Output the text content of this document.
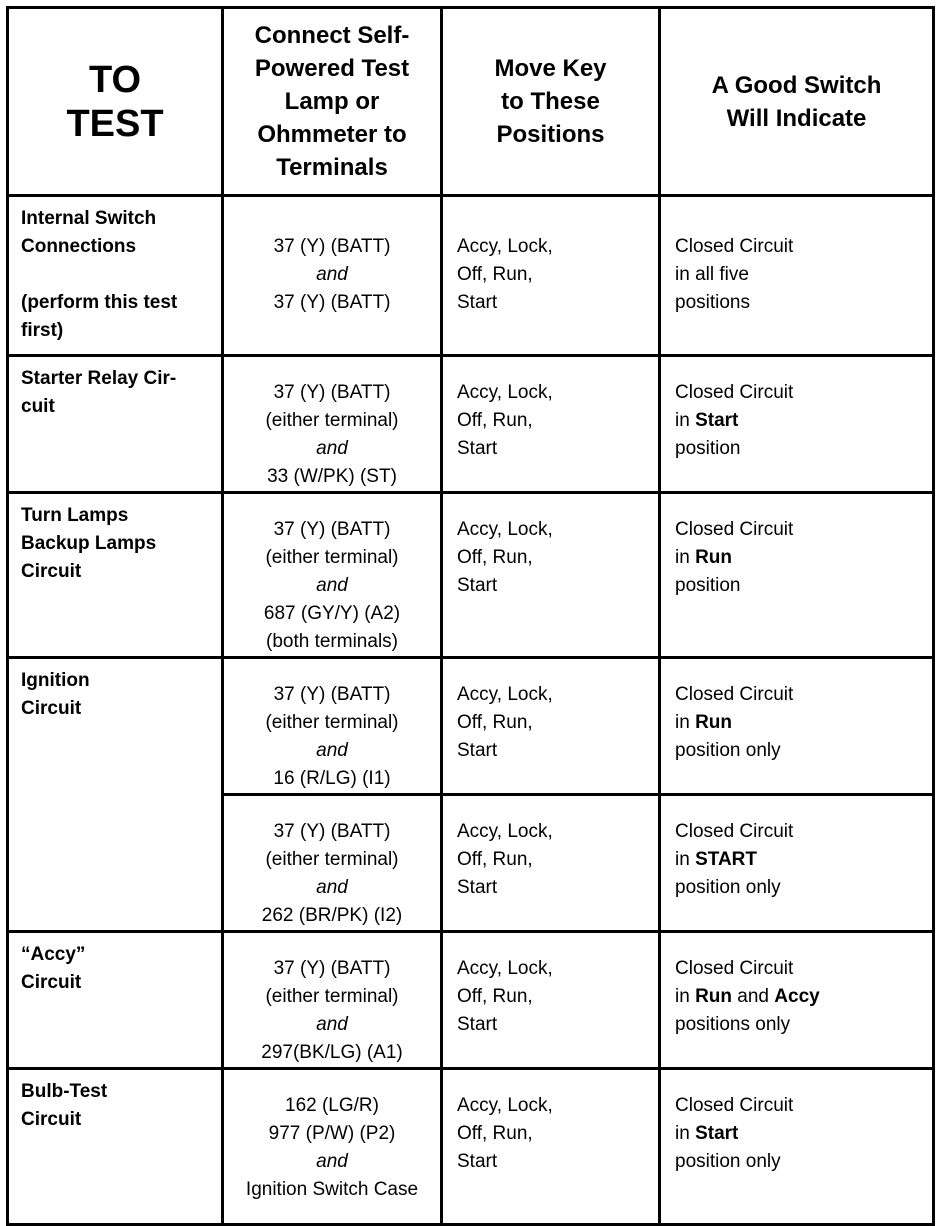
TO
TEST	Connect Self-
Powered Test
Lamp or
Ohmmeter to
Terminals	Move Key
to These
Positions	A Good Switch
Will Indicate

Internal Switch
Connections
(perform this test
first)	37 (Y) (BATT)
and
37 (Y) (BATT)	Accy, Lock,
Off, Run,
Start	Closed Circuit
in all five
positions

Starter Relay Cir-
cuit	37 (Y) (BATT)
(either terminal)
and
33 (W/PK) (ST)	Accy, Lock,
Off, Run,
Start	Closed Circuit
in Start
position

Turn Lamps
Backup Lamps
Circuit	37 (Y) (BATT)
(either terminal)
and
687 (GY/Y) (A2)
(both terminals)	Accy, Lock,
Off, Run,
Start	Closed Circuit
in Run
position

Ignition
Circuit	37 (Y) (BATT)
(either terminal)
and
16 (R/LG) (I1)	Accy, Lock,
Off, Run,
Start	Closed Circuit
in Run
position only

	37 (Y) (BATT)
(either terminal)
and
262 (BR/PK) (I2)	Accy, Lock,
Off, Run,
Start	Closed Circuit
in START
position only

“Accy”
Circuit	37 (Y) (BATT)
(either terminal)
and
297(BK/LG) (A1)	Accy, Lock,
Off, Run,
Start	Closed Circuit
in Run and Accy
positions only

Bulb-Test
Circuit	162 (LG/R)
977 (P/W) (P2)
and
Ignition Switch Case	Accy, Lock,
Off, Run,
Start	Closed Circuit
in Start
position only
